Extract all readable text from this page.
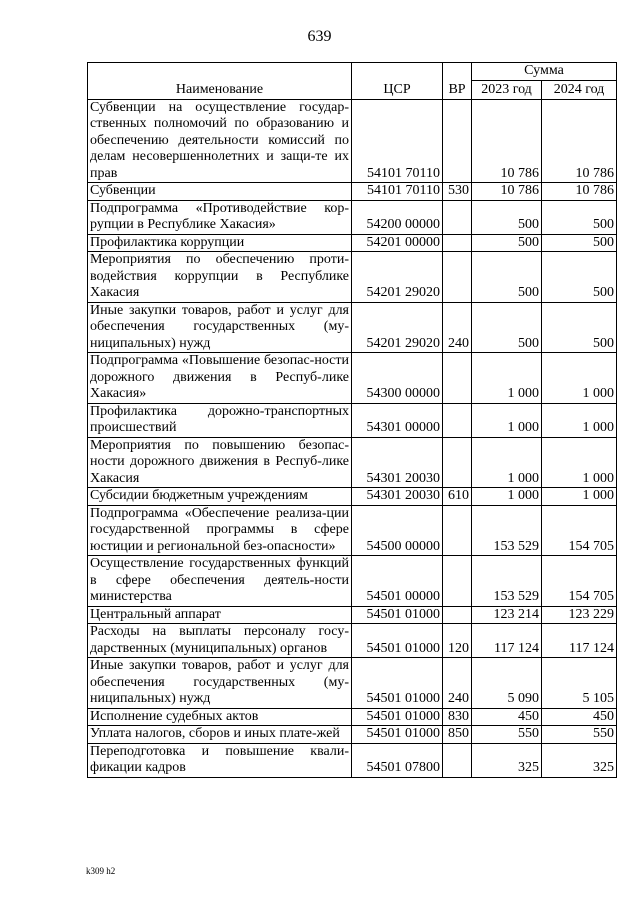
639
Наименование	ЦСР	ВР	Сумма	
			2023 год	2024 год
Субвенции на осуществление государ-ственных полномочий по образованию и обеспечению деятельности комиссий по делам несовершеннолетних и защи-те их прав	54101 70110		10 786	10 786
Субвенции	54101 70110	530	10 786	10 786
Подпрограмма «Противодействие кор-рупции в Республике Хакасия»	54200 00000		500	500
Профилактика коррупции	54201 00000		500	500
Мероприятия по обеспечению проти-водействия коррупции в Республике Хакасия	54201 29020		500	500
Иные закупки товаров, работ и услуг для обеспечения государственных (му-ниципальных) нужд	54201 29020	240	500	500
Подпрограмма «Повышение безопас-ности дорожного движения в Респуб-лике Хакасия»	54300 00000		1 000	1 000
Профилактика дорожно-транспортных происшествий	54301 00000		1 000	1 000
Мероприятия по повышению безопас-ности дорожного движения в Респуб-лике Хакасия	54301 20030		1 000	1 000
Субсидии бюджетным учреждениям	54301 20030	610	1 000	1 000
Подпрограмма «Обеспечение реализа-ции государственной программы в сфере юстиции и региональной без-опасности»	54500 00000		153 529	154 705
Осуществление государственных функций в сфере обеспечения деятель-ности министерства	54501 00000		153 529	154 705
Центральный аппарат	54501 01000		123 214	123 229
Расходы на выплаты персоналу госу-дарственных (муниципальных) органов	54501 01000	120	117 124	117 124
Иные закупки товаров, работ и услуг для обеспечения государственных (му-ниципальных) нужд	54501 01000	240	5 090	5 105
Исполнение судебных актов	54501 01000	830	450	450
Уплата налогов, сборов и иных плате-жей	54501 01000	850	550	550
Переподготовка и повышение квали-фикации кадров	54501 07800		325	325
k309 h2
